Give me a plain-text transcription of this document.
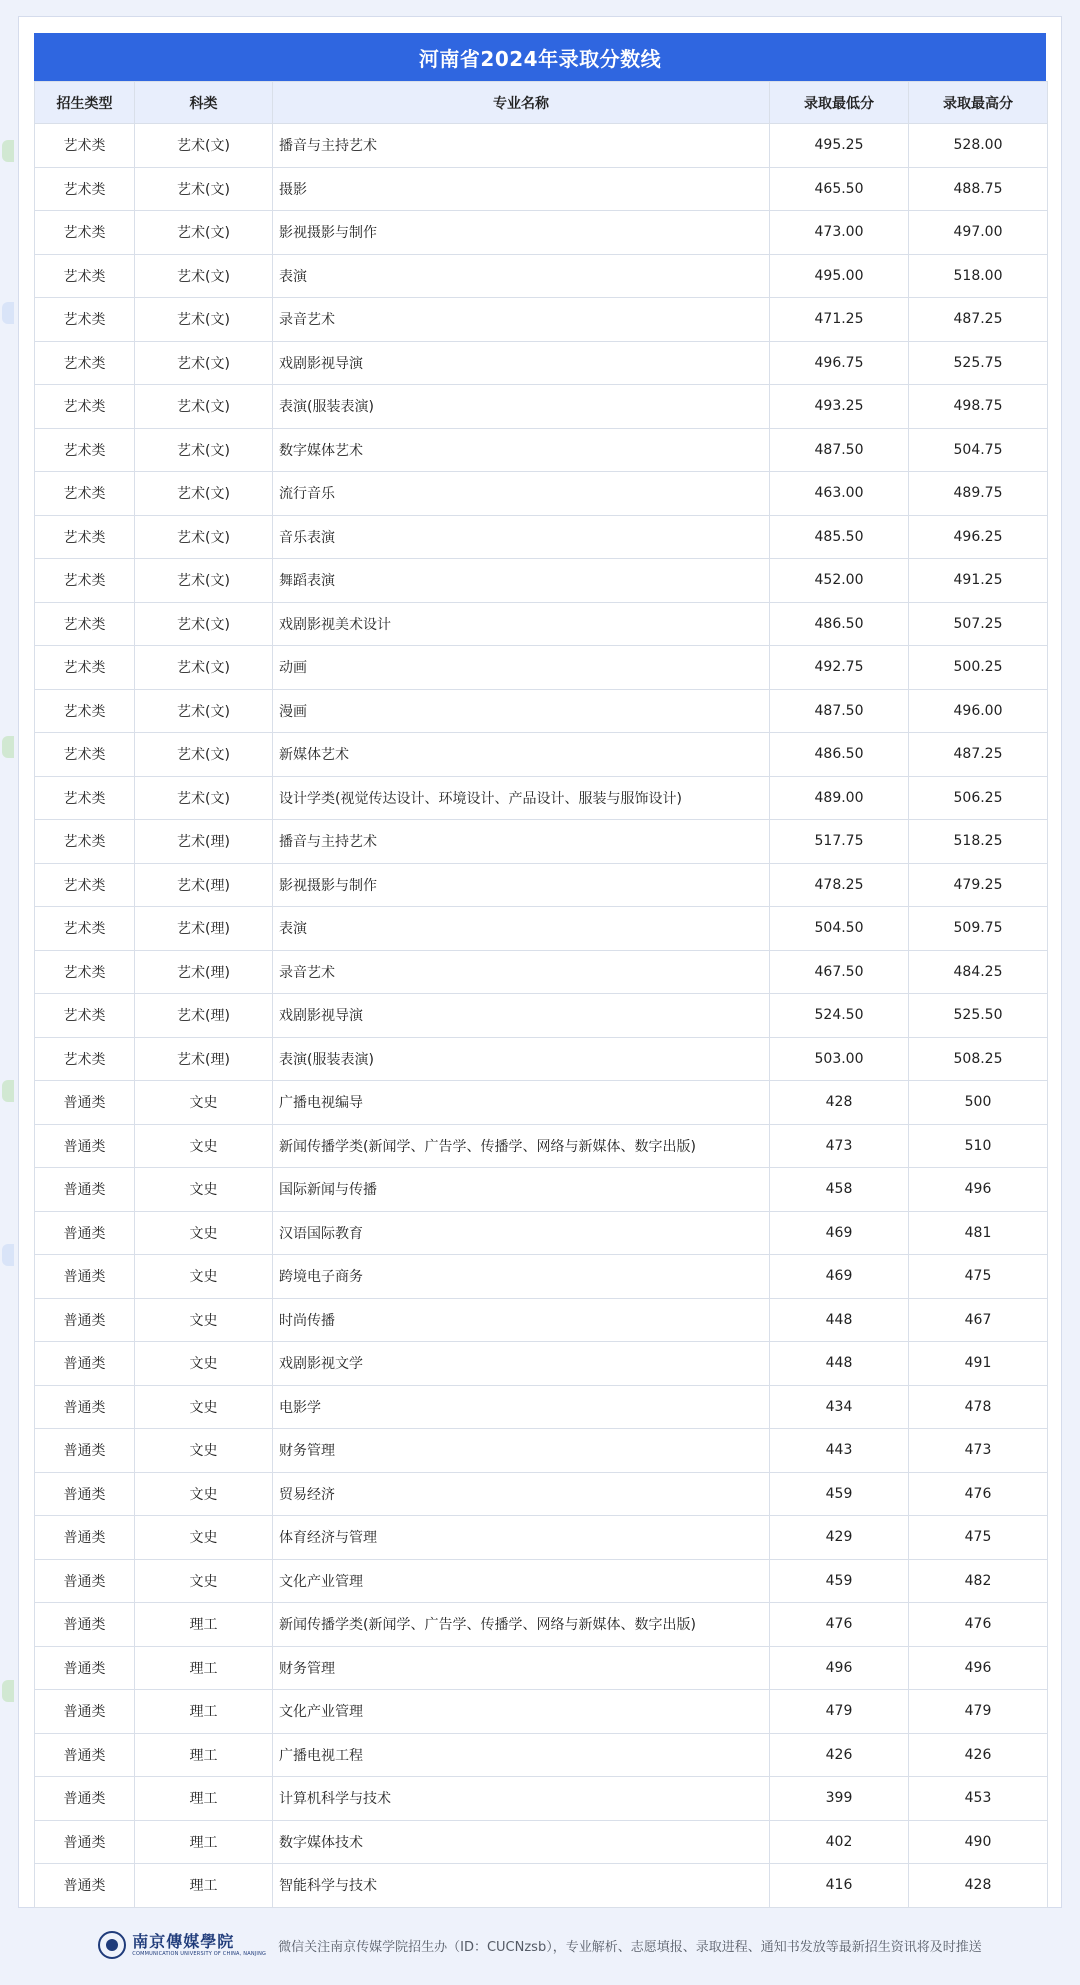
河南省2024年录取分数线
招生类型	科类	专业名称	录取最低分	录取最高分
艺术类	艺术(文)	播音与主持艺术	495.25	528.00
艺术类	艺术(文)	摄影	465.50	488.75
艺术类	艺术(文)	影视摄影与制作	473.00	497.00
艺术类	艺术(文)	表演	495.00	518.00
艺术类	艺术(文)	录音艺术	471.25	487.25
艺术类	艺术(文)	戏剧影视导演	496.75	525.75
艺术类	艺术(文)	表演(服装表演)	493.25	498.75
艺术类	艺术(文)	数字媒体艺术	487.50	504.75
艺术类	艺术(文)	流行音乐	463.00	489.75
艺术类	艺术(文)	音乐表演	485.50	496.25
艺术类	艺术(文)	舞蹈表演	452.00	491.25
艺术类	艺术(文)	戏剧影视美术设计	486.50	507.25
艺术类	艺术(文)	动画	492.75	500.25
艺术类	艺术(文)	漫画	487.50	496.00
艺术类	艺术(文)	新媒体艺术	486.50	487.25
艺术类	艺术(文)	设计学类(视觉传达设计、环境设计、产品设计、服装与服饰设计)	489.00	506.25
艺术类	艺术(理)	播音与主持艺术	517.75	518.25
艺术类	艺术(理)	影视摄影与制作	478.25	479.25
艺术类	艺术(理)	表演	504.50	509.75
艺术类	艺术(理)	录音艺术	467.50	484.25
艺术类	艺术(理)	戏剧影视导演	524.50	525.50
艺术类	艺术(理)	表演(服装表演)	503.00	508.25
普通类	文史	广播电视编导	428	500
普通类	文史	新闻传播学类(新闻学、广告学、传播学、网络与新媒体、数字出版)	473	510
普通类	文史	国际新闻与传播	458	496
普通类	文史	汉语国际教育	469	481
普通类	文史	跨境电子商务	469	475
普通类	文史	时尚传播	448	467
普通类	文史	戏剧影视文学	448	491
普通类	文史	电影学	434	478
普通类	文史	财务管理	443	473
普通类	文史	贸易经济	459	476
普通类	文史	体育经济与管理	429	475
普通类	文史	文化产业管理	459	482
普通类	理工	新闻传播学类(新闻学、广告学、传播学、网络与新媒体、数字出版)	476	476
普通类	理工	财务管理	496	496
普通类	理工	文化产业管理	479	479
普通类	理工	广播电视工程	426	426
普通类	理工	计算机科学与技术	399	453
普通类	理工	数字媒体技术	402	490
普通类	理工	智能科学与技术	416	428
南京傳媒學院
COMMUNICATION UNIVERSITY OF CHINA, NANJING 微信关注南京传媒学院招生办（ID：CUCNzsb），专业解析、志愿填报、录取进程、通知书发放等最新招生资讯将及时推送
